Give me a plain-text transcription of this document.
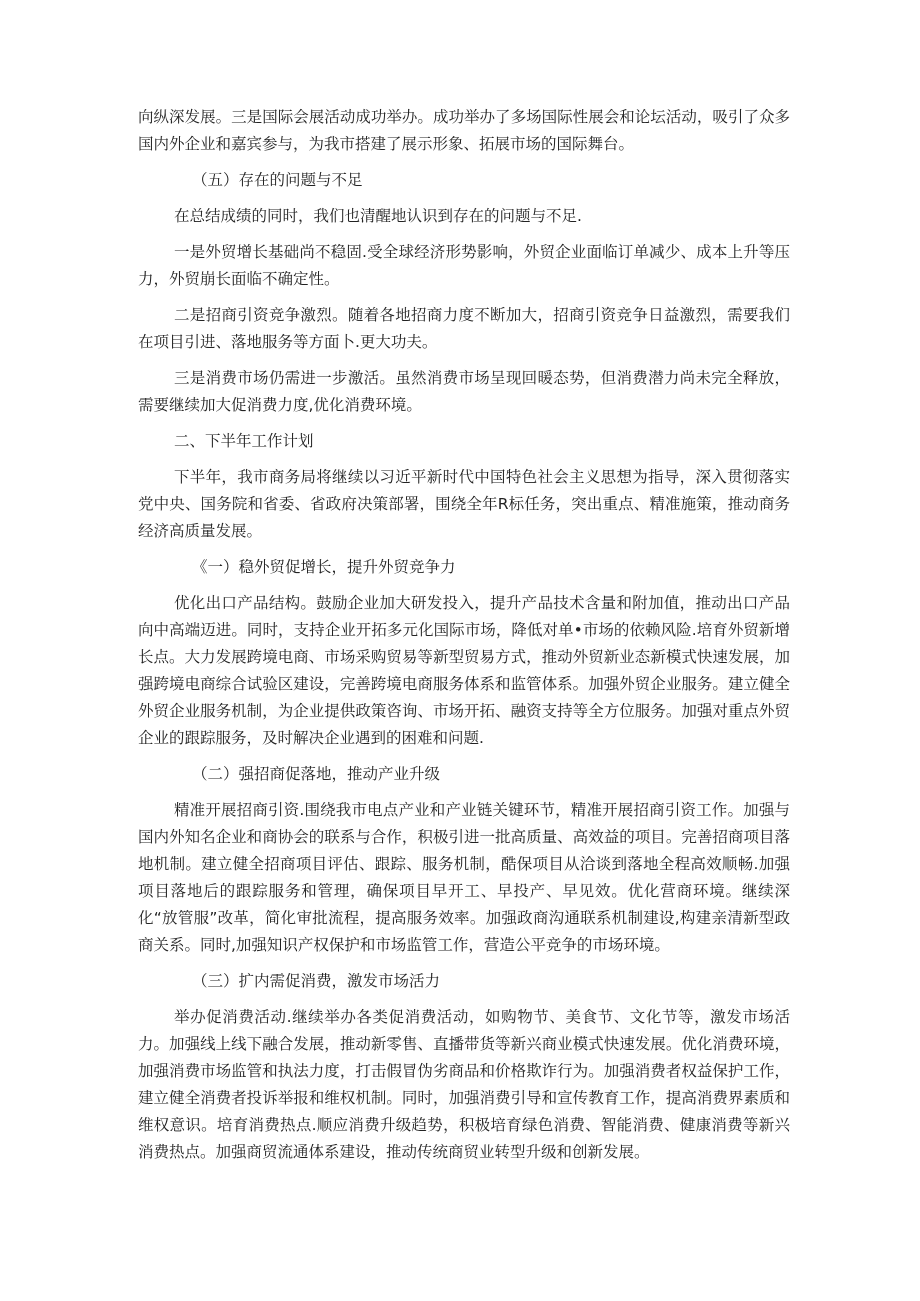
向纵深发展。三是国际会展活动成功举办。成功举办了多场国际性展会和论坛活动，吸引了众多国内外企业和嘉宾参与，为我市搭建了展示形象、拓展市场的国际舞台。

（五）存在的问题与不足

在总结成绩的同时，我们也清醒地认识到存在的问题与不足.

一是外贸增长基础尚不稳固.受全球经济形势影响，外贸企业面临订单减少、成本上升等压力，外贸崩长面临不确定性。

二是招商引资竞争激烈。随着各地招商力度不断加大，招商引资竞争日益激烈，需要我们在项目引进、落地服务等方面卜.更大功夫。

三是消费市场仍需进一步激活。虽然消费市场呈现回暖态势，但消费潜力尚未完全释放，需要继续加大促消费力度,优化消费环境。

二、下半年工作计划

下半年，我市商务局将继续以习近平新时代中国特色社会主义思想为指导，深入贯彻落实党中央、国务院和省委、省政府决策部署，围绕全年R标任务，突出重点、精准施策，推动商务经济高质量发展。

《一）稳外贸促增长，提升外贸竞争力

优化出口产品结构。鼓励企业加大研发投入，提升产品技术含量和附加值，推动出口产品向中高端迈进。同时，支持企业开拓多元化国际市场，降低对单•市场的依赖风险.培育外贸新增长点。大力发展跨境电商、市场采购贸易等新型贸易方式，推动外贸新业态新模式快速发展，加强跨境电商综合试验区建设，完善跨境电商服务体系和监管体系。加强外贸企业服务。建立健全外贸企业服务机制，为企业提供政策咨询、市场开拓、融资支持等全方位服务。加强对重点外贸企业的跟踪服务，及时解决企业遇到的困难和问题.

（二）强招商促落地，推动产业升级

精准开展招商引资.围绕我市电点产业和产业链关键环节，精准开展招商引资工作。加强与国内外知名企业和商协会的联系与合作，积极引进一批高质量、高效益的项目。完善招商项目落地机制。建立健全招商项目评估、跟踪、服务机制，酷保项目从洽谈到落地全程高效顺畅.加强项目落地后的跟踪服务和管理，确保项目早开工、早投产、早见效。优化营商环境。继续深化“放管服”改革，简化审批流程，提高服务效率。加强政商沟通联系机制建设,构建亲清新型政商关系。同时,加强知识产权保护和市场监管工作，营造公平竞争的市场环境。

（三）扩内需促消费，激发市场活力

举办促消费活动.继续举办各类促消费活动，如购物节、美食节、文化节等，激发市场活力。加强线上线下融合发展，推动新零售、直播带货等新兴商业模式快速发展。优化消费环境，加强消费市场监管和执法力度，打击假冒伪劣商品和价格欺诈行为。加强消费者权益保护工作，建立健全消费者投诉举报和维权机制。同时，加强消费引导和宣传教育工作，提高消费界素质和维权意识。培育消费热点.顺应消费升级趋势，积极培育绿色消费、智能消费、健康消费等新兴消费热点。加强商贸流通体系建设，推动传统商贸业转型升级和创新发展。
